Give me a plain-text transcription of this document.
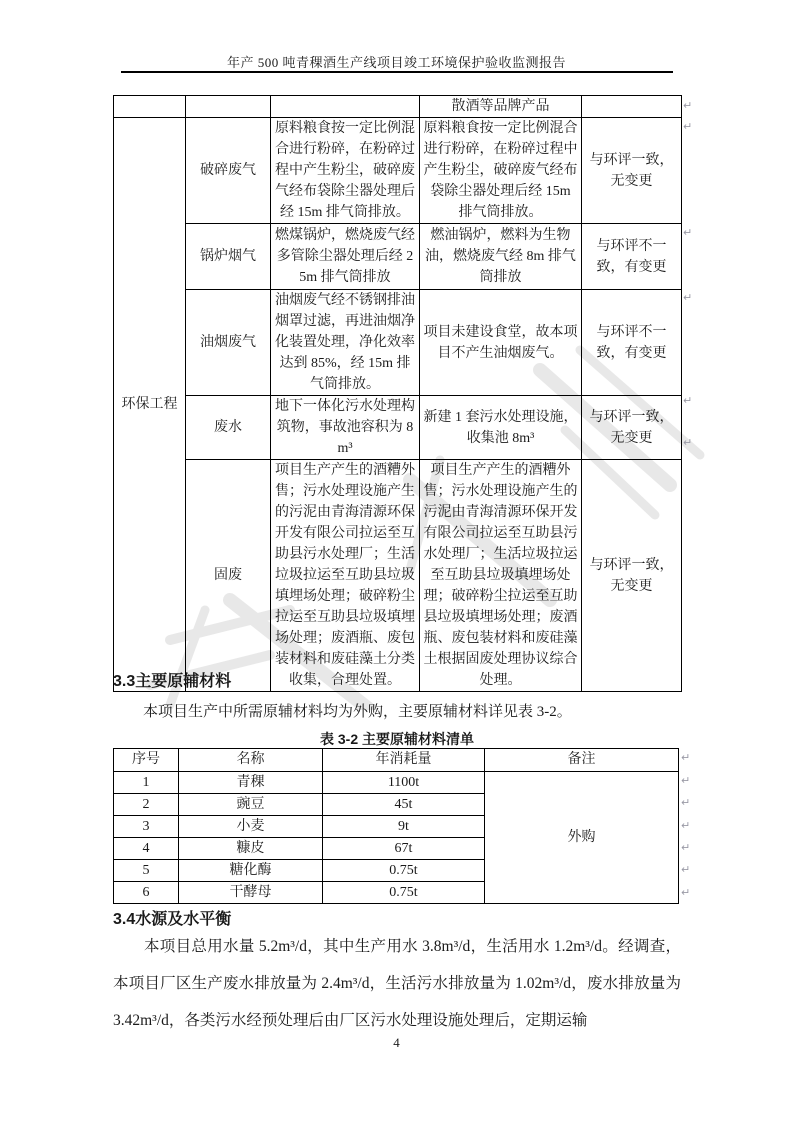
年产 500 吨青稞酒生产线项目竣工环境保护验收监测报告
			散酒等品牌产品	
环保工程	破碎废气	原料粮食按一定比例混合进行粉碎，在粉碎过程中产生粉尘，破碎废气经布袋除尘器处理后经 15m 排气筒排放。	原料粮食按一定比例混合进行粉碎，在粉碎过程中产生粉尘，破碎废气经布袋除尘器处理后经 15m 排气筒排放。	与环评一致，无变更
	锅炉烟气	燃煤锅炉，燃烧废气经多管除尘器处理后经 25m 排气筒排放	燃油锅炉，燃料为生物油，燃烧废气经 8m 排气筒排放	与环评不一致，有变更
	油烟废气	油烟废气经不锈钢排油烟罩过滤，再进油烟净化装置处理，净化效率达到 85%，经 15m 排气筒排放。	项目未建设食堂，故本项目不产生油烟废气。	与环评不一致，有变更
	废水	地下一体化污水处理构筑物，事故池容积为 8m³	新建 1 套污水处理设施，收集池 8m³	与环评一致，无变更
	固废	项目生产产生的酒糟外售；污水处理设施产生的污泥由青海清源环保开发有限公司拉运至互助县污水处理厂；生活垃圾拉运至互助县垃圾填埋场处理；破碎粉尘拉运至互助县垃圾填埋场处理；废酒瓶、废包装材料和废硅藻土分类收集，合理处置。	项目生产产生的酒糟外售；污水处理设施产生的污泥由青海清源环保开发有限公司拉运至互助县污水处理厂；生活垃圾拉运至互助县垃圾填埋场处理；破碎粉尘拉运至互助县垃圾填埋场处理；废酒瓶、废包装材料和废硅藻土根据固废处理协议综合处理。	与环评一致，无变更
3.3主要原辅材料
本项目生产中所需原辅材料均为外购，主要原辅材料详见表 3-2。
表 3-2 主要原辅材料清单
序号	名称	年消耗量	备注
1	青稞	1100t	外购
2	豌豆	45t	
3	小麦	9t	
4	糠皮	67t	
5	糖化酶	0.75t	
6	干酵母	0.75t	
3.4水源及水平衡
本项目总用水量 5.2m³/d，其中生产用水 3.8m³/d，生活用水 1.2m³/d。经调查，本项目厂区生产废水排放量为 2.4m³/d，生活污水排放量为 1.02m³/d，废水排放量为 3.42m³/d，各类污水经预处理后由厂区污水处理设施处理后，定期运输
4
↵
↵
↵
↵
↵
↵
↵
↵
↵
↵
↵
↵
↵
